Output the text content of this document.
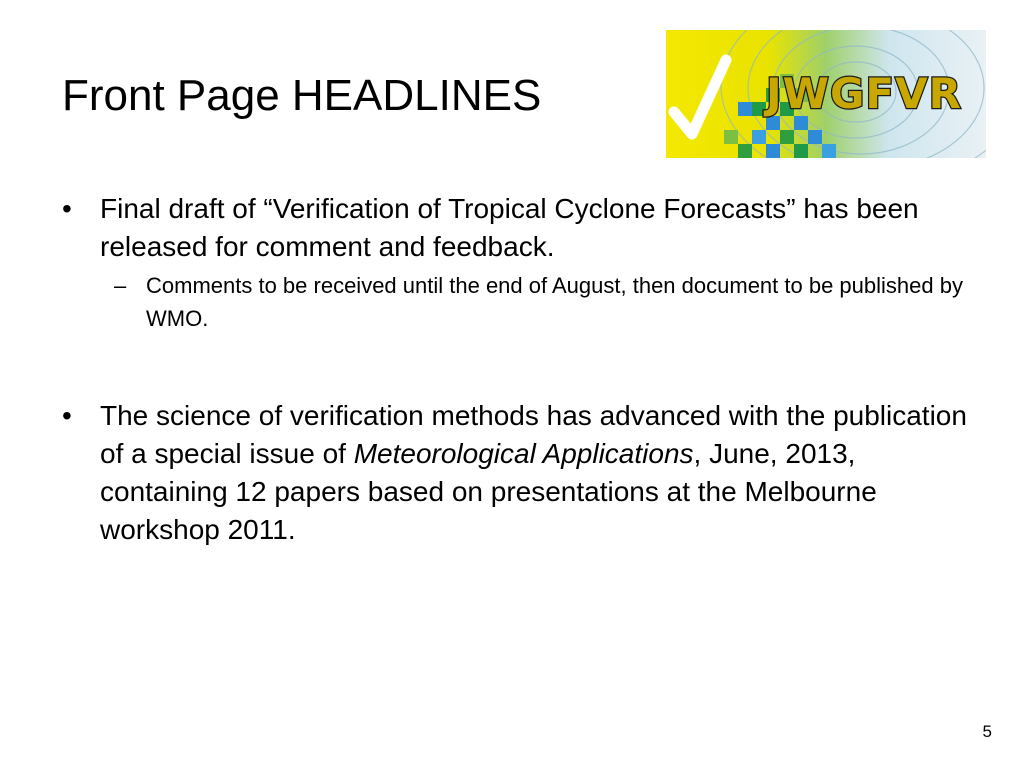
Front Page HEADLINES	JWGFVR
• Final draft of “Verification of Tropical Cyclone Forecasts” has been released for comment and feedback.
– Comments to be received until the end of August, then document to be published by WMO.
• The science of verification methods has advanced with the publication of a special issue of Meteorological Applications, June, 2013, containing 12 papers based on presentations at the Melbourne workshop 2011.
5
